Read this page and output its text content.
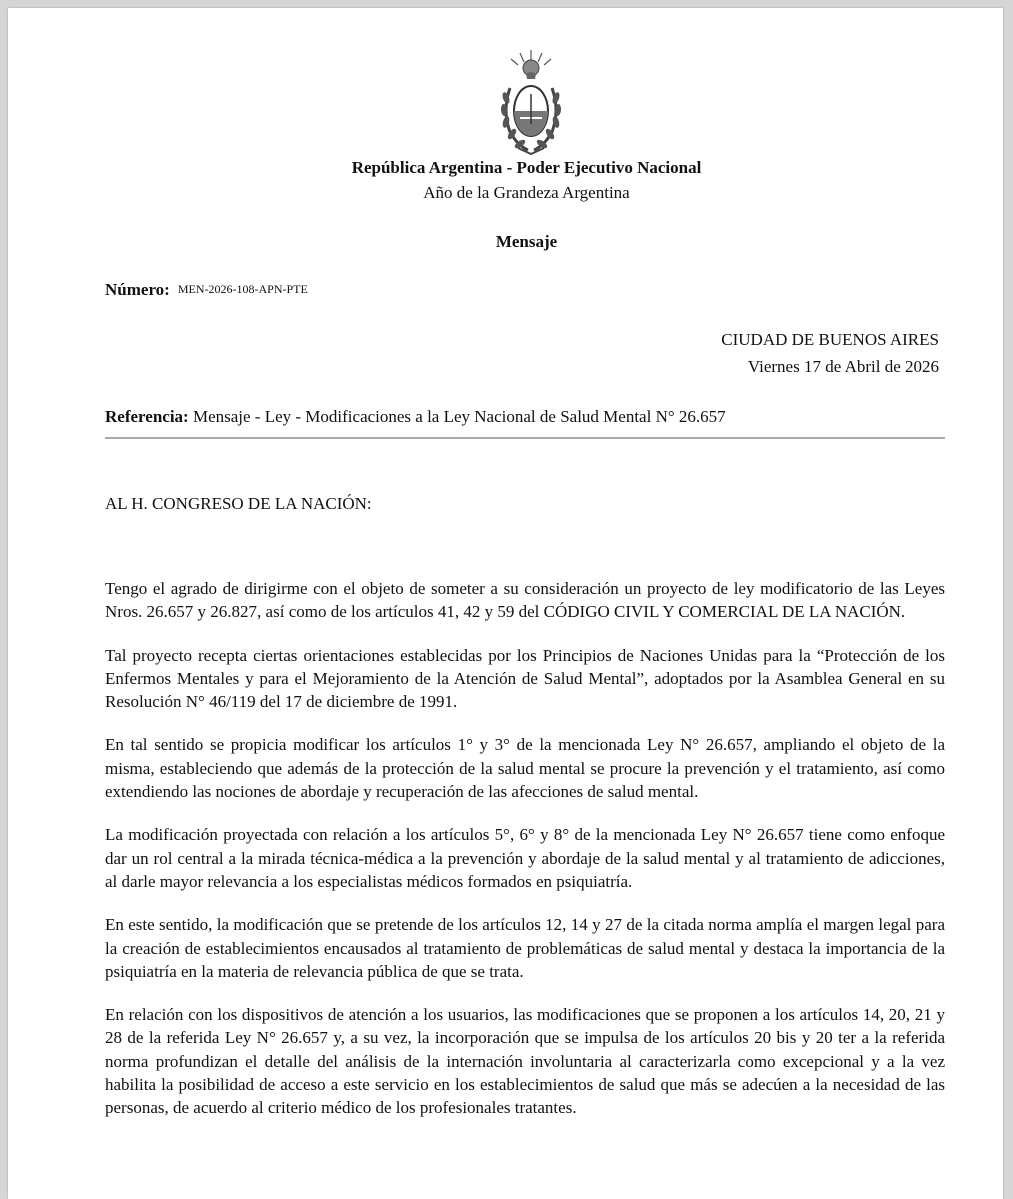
República Argentina - Poder Ejecutivo Nacional
Año de la Grandeza Argentina
Mensaje
Número: MEN-2026-108-APN-PTE
CIUDAD DE BUENOS AIRES
Viernes 17 de Abril de 2026
Referencia: Mensaje - Ley - Modificaciones a la Ley Nacional de Salud Mental N° 26.657
AL H. CONGRESO DE LA NACIÓN:

Tengo el agrado de dirigirme con el objeto de someter a su consideración un proyecto de ley modificatorio de las Leyes Nros. 26.657 y 26.827, así como de los artículos 41, 42 y 59 del CÓDIGO CIVIL Y COMERCIAL DE LA NACIÓN.

Tal proyecto recepta ciertas orientaciones establecidas por los Principios de Naciones Unidas para la “Protección de los Enfermos Mentales y para el Mejoramiento de la Atención de Salud Mental”, adoptados por la Asamblea General en su Resolución N° 46/119 del 17 de diciembre de 1991.

En tal sentido se propicia modificar los artículos 1° y 3° de la mencionada Ley N° 26.657, ampliando el objeto de la misma, estableciendo que además de la protección de la salud mental se procure la prevención y el tratamiento, así como extendiendo las nociones de abordaje y recuperación de las afecciones de salud mental.

La modificación proyectada con relación a los artículos 5°, 6° y 8° de la mencionada Ley N° 26.657 tiene como enfoque dar un rol central a la mirada técnica-médica a la prevención y abordaje de la salud mental y al tratamiento de adicciones, al darle mayor relevancia a los especialistas médicos formados en psiquiatría.

En este sentido, la modificación que se pretende de los artículos 12, 14 y 27 de la citada norma amplía el margen legal para la creación de establecimientos encausados al tratamiento de problemáticas de salud mental y destaca la importancia de la psiquiatría en la materia de relevancia pública de que se trata.

En relación con los dispositivos de atención a los usuarios, las modificaciones que se proponen a los artículos 14, 20, 21 y 28 de la referida Ley N° 26.657 y, a su vez, la incorporación que se impulsa de los artículos 20 bis y 20 ter a la referida norma profundizan el detalle del análisis de la internación involuntaria al caracterizarla como excepcional y a la vez habilita la posibilidad de acceso a este servicio en los establecimientos de salud que más se adecúen a la necesidad de las personas, de acuerdo al criterio médico de los profesionales tratantes.
